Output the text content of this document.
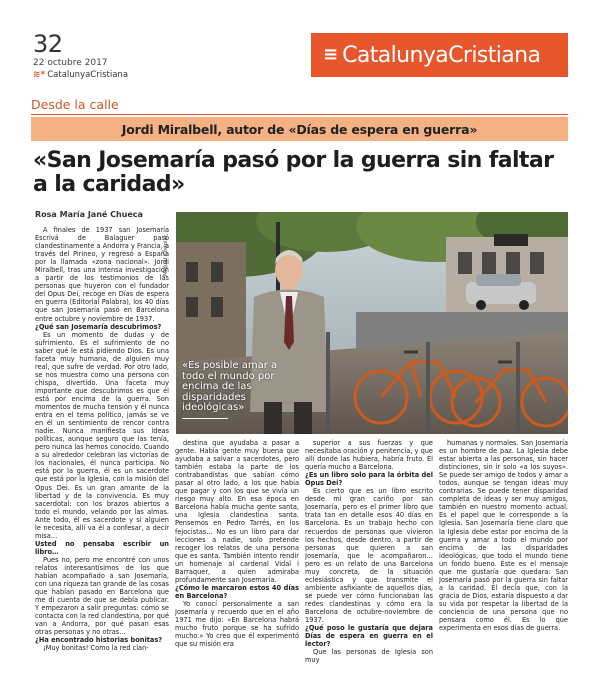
32
22 octubre 2017
≋* CatalunyaCristiana
≡ CatalunyaCristiana
Desde la calle
Jordi Miralbell, autor de «Días de espera en guerra»
«San Josemaría pasó por la guerra sin faltar a la caridad»
Rosa María Jané Chueca

A finales de 1937 san Josemaría Escrivá de Balaguer pasó clandestinamente a Andorra y Francia, a través del Pirineo, y regresó a España por la llamada «zona nacional». Jordi Miralbell, tras una intensa investigación a partir de los testimonios de las personas que huyeron con el fundador del Opus Dei, recoge en Días de espera en guerra (Editorial Palabra), los 40 días que san Josemaría pasó en Barcelona entre octubre y noviembre de 1937.

¿Qué san Josemaría descubrimos?

Es un momento de dudas y de sufrimiento. Es el sufrimiento de no saber qué le está pidiendo Dios. Es una faceta muy humana, de alguien muy real, que sufre de verdad. Por otro lado, se nos muestra como una persona con chispa, divertido. Una faceta muy importante que descubrimos es que él está por encima de la guerra. Son momentos de mucha tensión y él nunca entra en el tema político, jamás se ve en él un sentimiento de rencor contra nadie. Nunca manifiesta sus ideas políticas, aunque seguro que las tenía, pero nunca las hemos conocido. Cuando a su alrededor celebran las victorias de los nacionales, él nunca participa. No está por la guerra, él es un sacerdote que está por la Iglesia, con la misión del Opus Dei. Es un gran amante de la libertad y de la convivencia. Es muy sacerdotal: con los brazos abiertos a todo el mundo, velando por las almas. Ante todo, él es sacerdote y si alguien le necesita, allí va él a confesar, a decir misa…

Usted no pensaba escribir un libro…

Pues no, pero me encontré con unos relatos interesantísimos de los que habían acompañado a san Josemaría, con una riqueza tan grande de las cosas que habían pasado en Barcelona que me di cuenta de que se debía publicar. Y empezaron a salir preguntas: cómo se contacta con la red clandestina, por qué van a Andorra, por qué pasan esas otras personas y no otras…

¿Ha encontrado historias bonitas?

¡Muy bonitas! Como la red clan-

Miquel Codolar
«Es posible amar a todo el mundo por encima de las disparidades ideológicas»

destina que ayudaba a pasar a gente. Había gente muy buena que ayudaba a salvar a sacerdotes, pero también estaba la parte de los contrabandistas que sabían cómo pasar al otro lado, a los que había que pagar y con los que se vivía un riesgo muy alto. En esa época en Barcelona había mucha gente santa, una Iglesia clandestina santa. Pensemos en Pedro Tarrés, en los fejocistas… No es un libro para dar lecciones a nadie, solo pretende recoger los relatos de una persona que es santa. También intento rendir un homenaje al cardenal Vidal i Barraquer, a quien admiraba profundamente san Josemaría.

¿Cómo le marcaron estos 40 días en Barcelona?

Yo conocí personalmente a san Josemaría y recuerdo que en el año 1971 me dijo: «En Barcelona habrá mucho fruto porque se ha sufrido mucho.» Yo creo que él experimentó que su misión era

superior a sus fuerzas y que necesitaba oración y penitencia, y que allí donde las hubiera, habría fruto. Él quería mucho a Barcelona.

¿Es un libro solo para la órbita del Opus Dei?

Es cierto que es un libro escrito desde mi gran cariño por san Josemaría, pero es el primer libro que trata tan en detalle esos 40 días en Barcelona. Es un trabajo hecho con recuerdos de personas que vivieron los hechos, desde dentro, a partir de personas que quieren a san Josemaría, que le acompañaron… pero es un relato de una Barcelona muy concreta, de la situación eclesiástica y que transmite el ambiente asfixiante de aquellos días, se puede ver cómo funcionaban las redes clandestinas y cómo era la Barcelona de octubre-noviembre de 1937.

¿Qué poso le gustaría que dejara Días de espera en guerra en el lector?

Que las personas de Iglesia son muy

humanas y normales. San Josemaría es un hombre de paz. La Iglesia debe estar abierta a las personas, sin hacer distinciones, sin ir solo «a los suyos». Se puede ser amigo de todos y amar a todos, aunque se tengan ideas muy contrarias. Se puede tener disparidad completa de ideas y ser muy amigos, también en nuestro momento actual. Es el papel que le corresponde a la Iglesia. San Josemaría tiene claro que la Iglesia debe estar por encima de la guerra y amar a todo el mundo por encima de las disparidades ideológicas, que todo el mundo tiene un fondo bueno. Éste es el mensaje que me gustaría que quedara: San Josemaría pasó por la guerra sin faltar a la caridad. Él decía que, con la gracia de Dios, estaría dispuesto a dar su vida por respetar la libertad de la conciencia de una persona que no pensara como él. Es lo que experimenta en esos días de guerra.
